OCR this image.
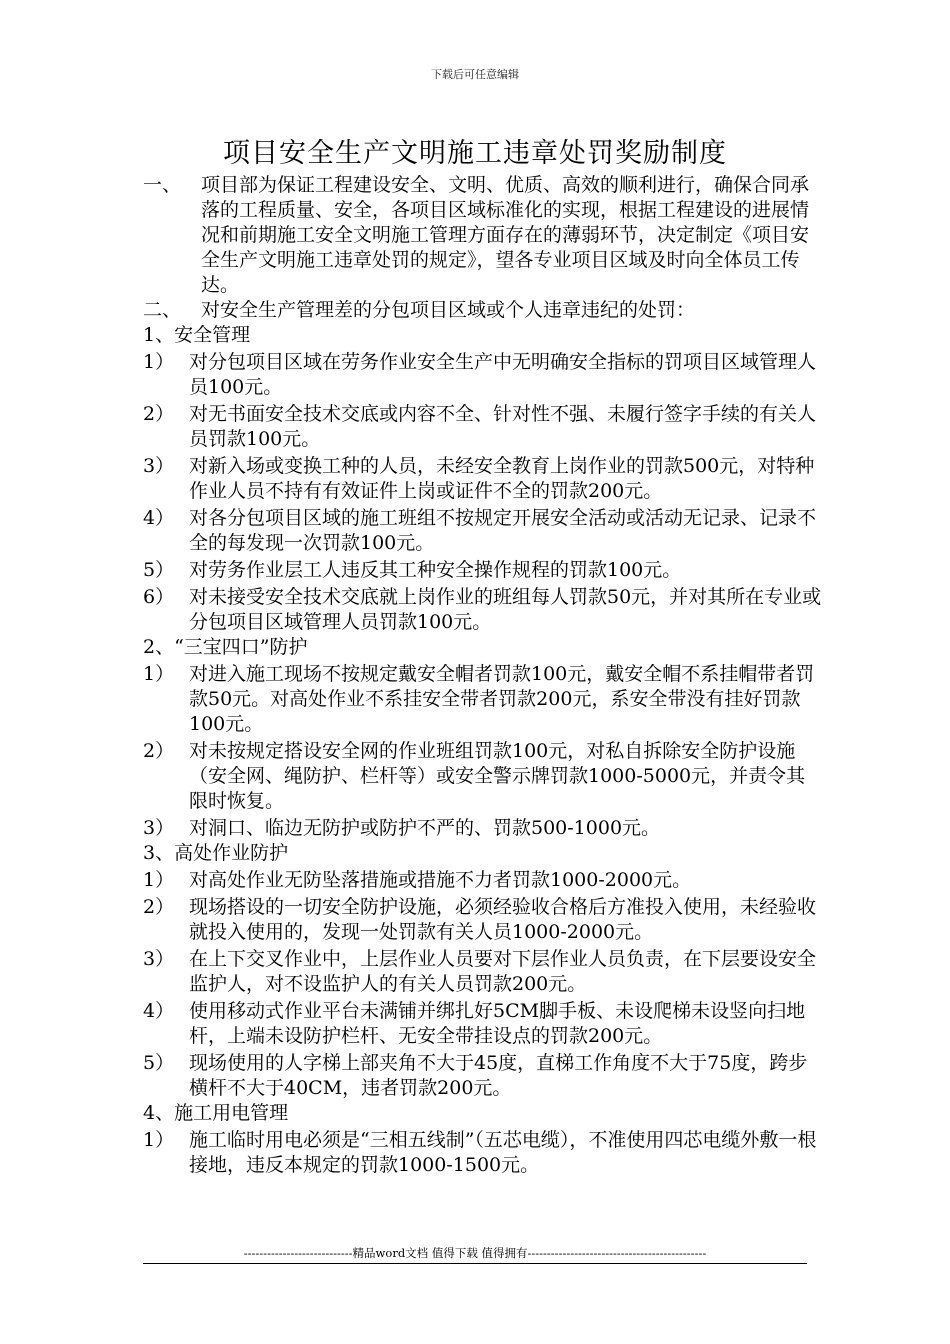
下载后可任意编辑
项目安全生产文明施工违章处罚奖励制度
一、	项目部为保证工程建设安全、文明、优质、高效的顺利进行，确保合同承落的工程质量、安全，各项目区域标准化的实现，根据工程建设的进展情况和前期施工安全文明施工管理方面存在的薄弱环节，决定制定《项目安全生产文明施工违章处罚的规定》，望各专业项目区域及时向全体员工传达。
二、	对安全生产管理差的分包项目区域或个人违章违纪的处罚：
1、安全管理
1） 对分包项目区域在劳务作业安全生产中无明确安全指标的罚项目区域管理人员100元。
2） 对无书面安全技术交底或内容不全、针对性不强、未履行签字手续的有关人员罚款100元。
3） 对新入场或变换工种的人员，未经安全教育上岗作业的罚款500元，对特种作业人员不持有有效证件上岗或证件不全的罚款200元。
4） 对各分包项目区域的施工班组不按规定开展安全活动或活动无记录、记录不全的每发现一次罚款100元。
5） 对劳务作业层工人违反其工种安全操作规程的罚款100元。
6） 对未接受安全技术交底就上岗作业的班组每人罚款50元，并对其所在专业或分包项目区域管理人员罚款100元。
2、“三宝四口”防护
1） 对进入施工现场不按规定戴安全帽者罚款100元，戴安全帽不系挂帽带者罚款50元。对高处作业不系挂安全带者罚款200元，系安全带没有挂好罚款100元。
2） 对未按规定搭设安全网的作业班组罚款100元，对私自拆除安全防护设施（安全网、绳防护、栏杆等）或安全警示牌罚款1000-5000元，并责令其限时恢复。
3） 对洞口、临边无防护或防护不严的、罚款500-1000元。
3、高处作业防护
1） 对高处作业无防坠落措施或措施不力者罚款1000-2000元。
2） 现场搭设的一切安全防护设施，必须经验收合格后方准投入使用，未经验收就投入使用的，发现一处罚款有关人员1000-2000元。
3） 在上下交叉作业中，上层作业人员要对下层作业人员负责，在下层要设安全监护人，对不设监护人的有关人员罚款200元。
4） 使用移动式作业平台未满铺并绑扎好5CM脚手板、未设爬梯未设竖向扫地杆，上端未设防护栏杆、无安全带挂设点的罚款200元。
5） 现场使用的人字梯上部夹角不大于45度，直梯工作角度不大于75度，跨步横杆不大于40CM，违者罚款200元。
4、施工用电管理
1） 施工临时用电必须是“三相五线制”（五芯电缆），不准使用四芯电缆外敷一根接地，违反本规定的罚款1000-1500元。
----------------------------精品word文档 值得下载 值得拥有----------------------------------------------
